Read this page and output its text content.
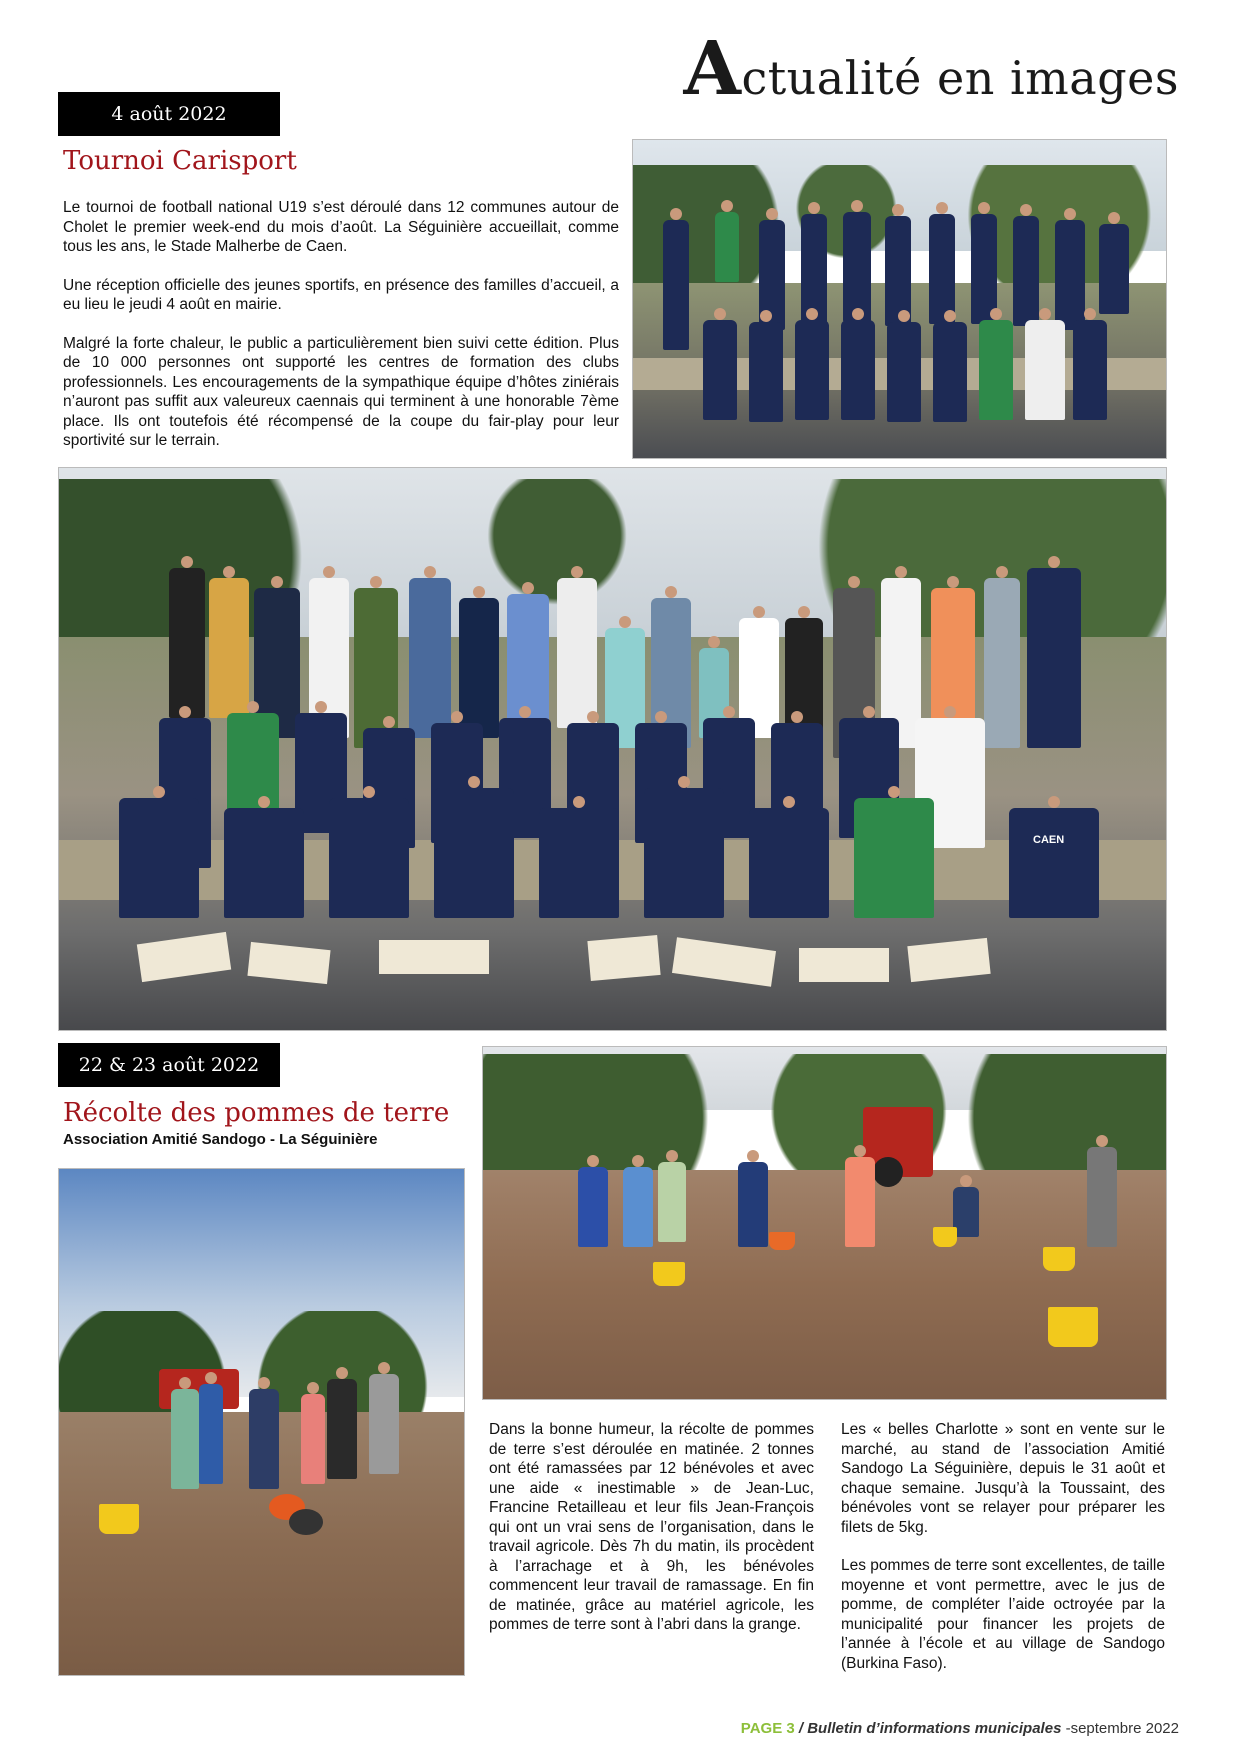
Actualité en images
4 août 2022
Tournoi Carisport

Le tournoi de football national U19 s’est déroulé dans 12 communes autour de Cholet le premier week-end du mois d’août. La Séguinière accueillait, comme tous les ans, le Stade Malherbe de Caen.

Une réception officielle des jeunes sportifs, en présence des familles d’accueil, a eu lieu le jeudi 4 août en mairie.

Malgré la forte chaleur, le public a particulièrement bien suivi cette édition. Plus de 10 000 personnes ont supporté les centres de formation des clubs professionnels. Les encouragements de la sympathique équipe d’hôtes ziniérais n’auront pas suffit aux valeureux caennais qui terminent à une honorable 7ème place. Ils ont toutefois été récompensé de la coupe du fair-play pour leur sportivité sur le terrain.

CAEN
22 & 23 août 2022
Récolte des pommes de terre
Association Amitié Sandogo - La Séguinière

Dans la bonne humeur, la récolte de pommes de terre s’est déroulée en matinée. 2 tonnes ont été ramassées par 12 bénévoles et avec une aide « inestimable » de Jean-Luc, Francine Retailleau et leur fils Jean-François qui ont un vrai sens de l’organisation, dans le travail agricole. Dès 7h du matin, ils procèdent à l’arrachage et à 9h, les bénévoles commencent leur travail de ramassage. En fin de matinée, grâce au matériel agricole, les pommes de terre sont à l’abri dans la grange.

Les « belles Charlotte » sont en vente sur le marché, au stand de l’association Amitié Sandogo La Séguinière, depuis le 31 août et chaque semaine. Jusqu’à la Toussaint, des bénévoles vont se relayer pour préparer les filets de 5kg.

Les pommes de terre sont excellentes, de taille moyenne et vont permettre, avec le jus de pomme, de compléter l’aide octroyée par la municipalité pour financer les projets de l’année à l’école et au village de Sandogo (Burkina Faso).

PAGE 3 / Bulletin d’informations municipales -septembre 2022
